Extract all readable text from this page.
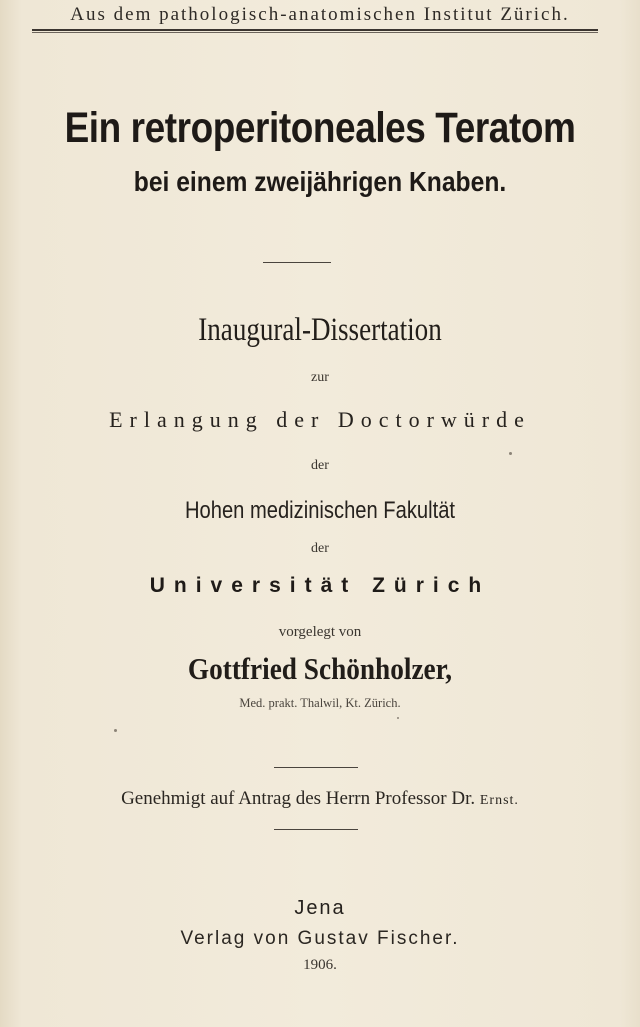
Aus dem pathologisch-anatomischen Institut Zürich.
Ein retroperitoneales Teratom
bei einem zweijährigen Knaben.
Inaugural-Dissertation
zur
Erlangung der Doctorwürde
der
Hohen medizinischen Fakultät
der
Universität Zürich
vorgelegt von
Gottfried Schönholzer,
Med. prakt. Thalwil, Kt. Zürich.
Genehmigt auf Antrag des Herrn Professor Dr. Ernst.
Jena
Verlag von Gustav Fischer.
1906.
